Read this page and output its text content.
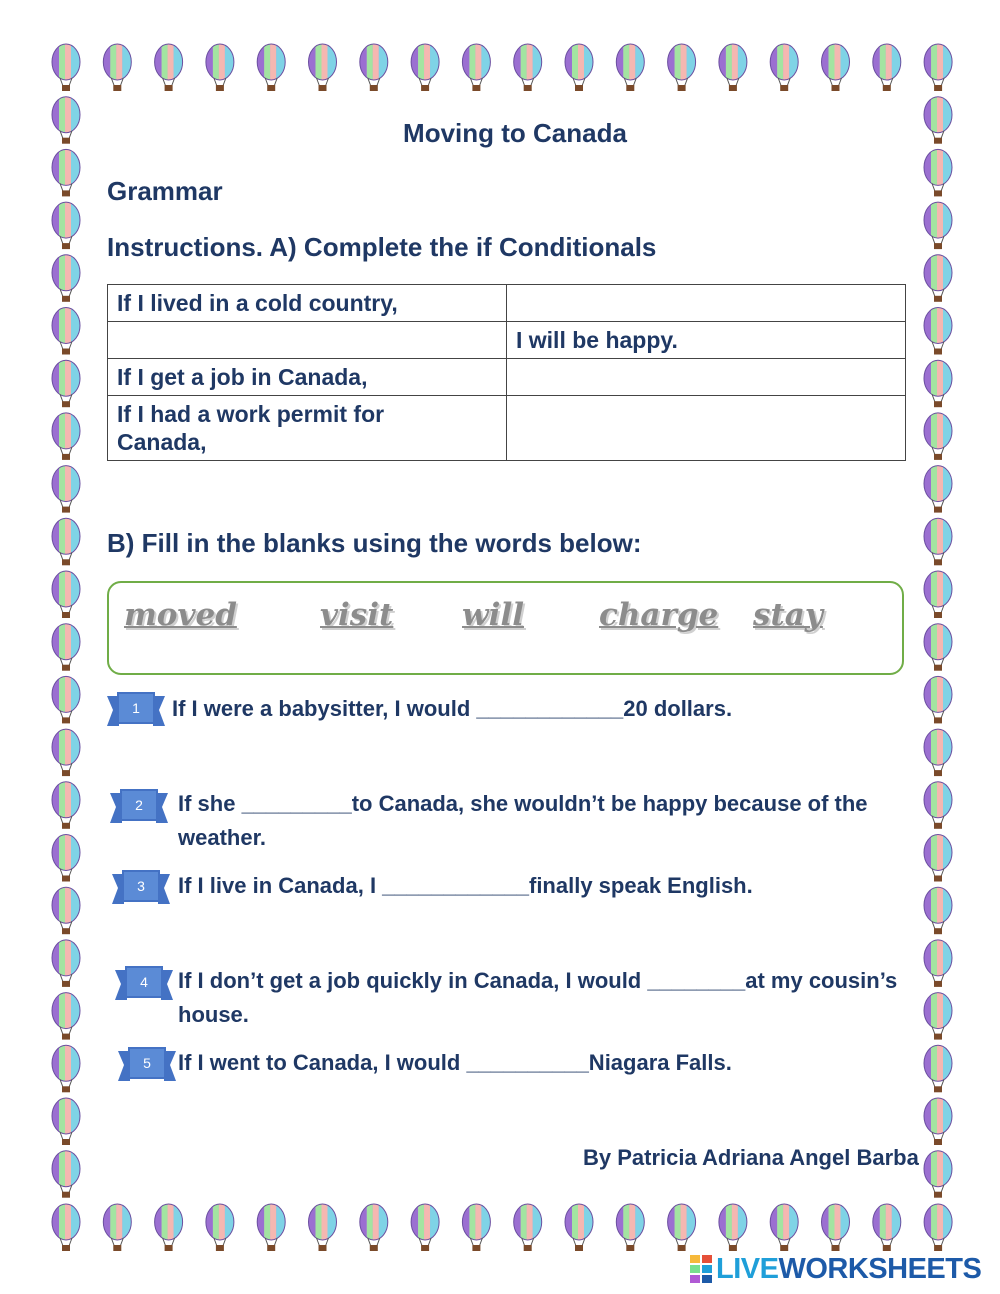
Moving to Canada
Grammar
Instructions. A) Complete the if Conditionals
If I lived in a cold country,	
	I will be happy.
If I get a job in Canada,	
If I had a work permit for Canada,	
B) Fill in the blanks using the words below:
moved	visit will charge stay
1
2
3
4
5
If I were a babysitter, I would ____________20 dollars.
If she _________to Canada, she wouldn’t be happy because of the
weather.
If I live in Canada, I ____________finally speak English.
If I don’t get a job quickly in Canada, I would ________at my cousin’s
house.
If I went to Canada, I would __________Niagara Falls.
By Patricia Adriana Angel Barba
LIVEWORKSHEETS
